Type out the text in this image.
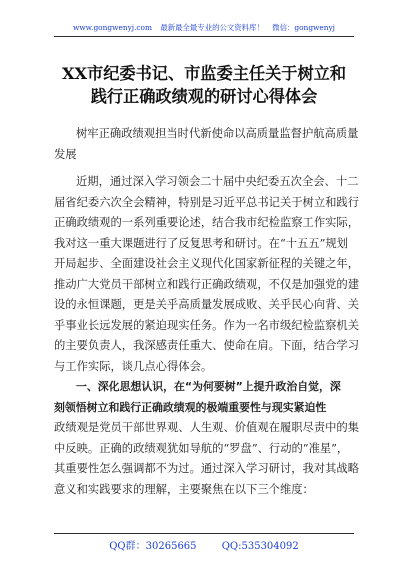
www.gongwenyj.com 最新最全最专业的公文资料库！ 微信：gongwenyj
XX市纪委书记、市监委主任关于树立和
践行正确政绩观的研讨心得体会
树牢正确政绩观担当时代新使命以高质量监督护航高质量
发展
近期，通过深入学习领会二十届中央纪委五次全会、十二
届省纪委六次全会精神，特别是习近平总书记关于树立和践行
正确政绩观的一系列重要论述，结合我市纪检监察工作实际，
我对这一重大课题进行了反复思考和研讨。在“十五五”规划
开局起步、全面建设社会主义现代化国家新征程的关键之年，
推动广大党员干部树立和践行正确政绩观，不仅是加强党的建
设的永恒课题，更是关乎高质量发展成败、关乎民心向背、关
乎事业长远发展的紧迫现实任务。作为一名市级纪检监察机关
的主要负责人，我深感责任重大、使命在肩。下面，结合学习
与工作实际，谈几点心得体会。
一、深化思想认识，在“为何要树”上提升政治自觉，深
刻领悟树立和践行正确政绩观的极端重要性与现实紧迫性
政绩观是党员干部世界观、人生观、价值观在履职尽责中的集
中反映。正确的政绩观犹如导航的“罗盘”、行动的“准星”，
其重要性怎么强调都不为过。通过深入学习研讨，我对其战略
意义和实践要求的理解，主要聚焦在以下三个维度：
QQ群：30265665	QQ:535304092
